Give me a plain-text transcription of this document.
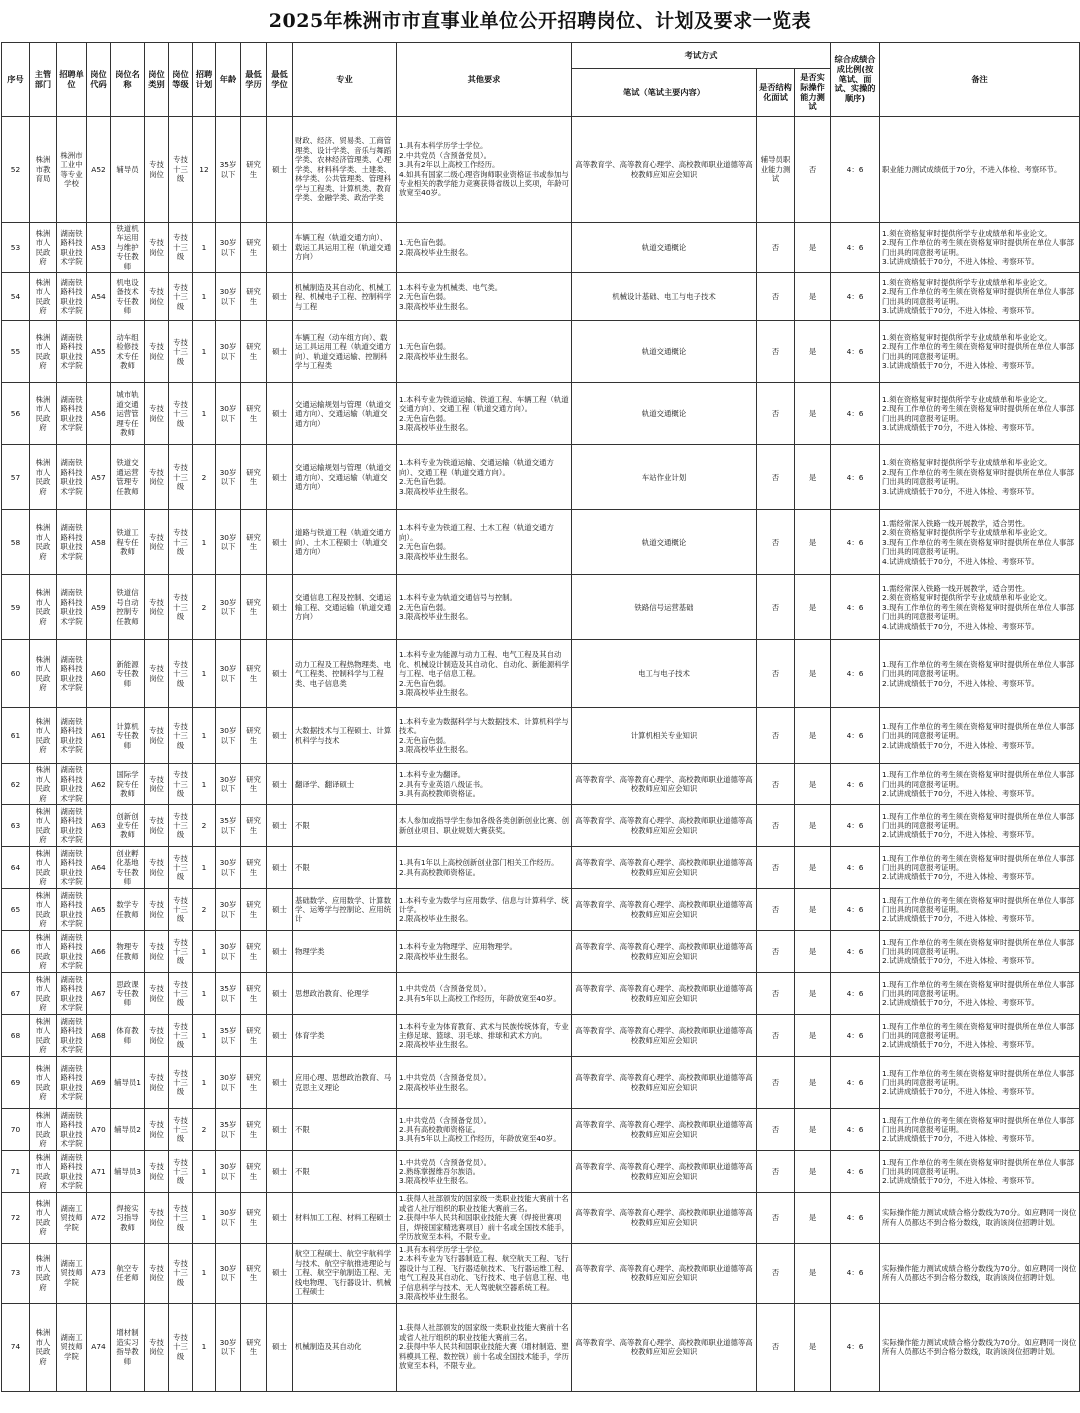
2025年株洲市市直事业单位公开招聘岗位、计划及要求一览表
序号	主管部门	招聘单位	岗位代码	岗位名称	岗位类别	岗位等级	招聘计划	年龄	最低学历	最低学位	专业	其他要求	考试方式			综合成绩合成比例(按笔试、面试、实操的顺序)	备注
													笔试（笔试主要内容）	是否结构化面试	是否实际操作能力测试		
52	株洲市教育局	株洲市工业中等专业学校	A52	辅导员	专技岗位	专技十三级	12	35岁以下	研究生	硕士	财政、经济、贸易类、工商管理类、设计学类、音乐与舞蹈学类、农林经济管理类、心理学类、材料科学类、土建类、林学类、公共管理类、管理科学与工程类、计算机类、教育学类、金融学类、政治学类	1.具有本科学历学士学位。
2.中共党员（含预备党员）。
3.具有2年以上高校工作经历。
4.如具有国家二级心理咨询师职业资格证书或参加与专业相关的教学能力竞赛获得省级以上奖项，年龄可放宽至40岁。	高等教育学、高等教育心理学、高校教师职业道德等高校教师应知应会知识	辅导员职业能力测试	否	4：6	职业能力测试成绩低于70分，不进入体检、考察环节。
53	株洲市人民政府	湖南铁路科技职业技术学院	A53	铁道机车运用与维护专任教师	专技岗位	专技十三级	1	30岁以下	研究生	硕士	车辆工程（轨道交通方向）、载运工具运用工程（轨道交通方向）	1.无色盲色弱。
2.限高校毕业生报名。	轨道交通概论	否	是	4：6	1.须在资格复审时提供所学专业成绩单和毕业论文。
2.现有工作单位的考生须在资格复审时提供所在单位人事部门出具的同意报考证明。
3.试讲成绩低于70分，不进入体检、考察环节。
54	株洲市人民政府	湖南铁路科技职业技术学院	A54	机电设备技术专任教师	专技岗位	专技十三级	1	30岁以下	研究生	硕士	机械制造及其自动化、机械工程、机械电子工程、控制科学与工程	1.本科专业为机械类、电气类。
2.无色盲色弱。
3.限高校毕业生报名。	机械设计基础、电工与电子技术	否	是	4：6	1.须在资格复审时提供所学专业成绩单和毕业论文。
2.现有工作单位的考生须在资格复审时提供所在单位人事部门出具的同意报考证明。
3.试讲成绩低于70分，不进入体检、考察环节。
55	株洲市人民政府	湖南铁路科技职业技术学院	A55	动车组检修技术专任教师	专技岗位	专技十三级	1	30岁以下	研究生	硕士	车辆工程（动车组方向）、载运工具运用工程（轨道交通方向）、轨道交通运输、控制科学与工程类	1.无色盲色弱。
2.限高校毕业生报名。	轨道交通概论	否	是	4：6	1.须在资格复审时提供所学专业成绩单和毕业论文。
2.现有工作单位的考生须在资格复审时提供所在单位人事部门出具的同意报考证明。
3.试讲成绩低于70分，不进入体检、考察环节。
56	株洲市人民政府	湖南铁路科技职业技术学院	A56	城市轨道交通运营管理专任教师	专技岗位	专技十三级	1	30岁以下	研究生	硕士	交通运输规划与管理（轨道交通方向）、交通运输（轨道交通方向）	1.本科专业为铁道运输、铁道工程、车辆工程（轨道交通方向）、交通工程（轨道交通方向）。
2.无色盲色弱。
3.限高校毕业生报名。	轨道交通概论	否	是	4：6	1.须在资格复审时提供所学专业成绩单和毕业论文。
2.现有工作单位的考生须在资格复审时提供所在单位人事部门出具的同意报考证明。
3.试讲成绩低于70分，不进入体检、考察环节。
57	株洲市人民政府	湖南铁路科技职业技术学院	A57	铁道交通运营管理专任教师	专技岗位	专技十三级	2	30岁以下	研究生	硕士	交通运输规划与管理（轨道交通方向）、交通运输（轨道交通方向）	1.本科专业为铁道运输、交通运输（轨道交通方向）、交通工程（轨道交通方向）。
2.无色盲色弱。
3.限高校毕业生报名。	车站作业计划	否	是	4：6	1.须在资格复审时提供所学专业成绩单和毕业论文。
2.现有工作单位的考生须在资格复审时提供所在单位人事部门出具的同意报考证明。
3.试讲成绩低于70分，不进入体检、考察环节。
58	株洲市人民政府	湖南铁路科技职业技术学院	A58	铁道工程专任教师	专技岗位	专技十三级	1	30岁以下	研究生	硕士	道路与铁道工程（轨道交通方向）、土木工程硕士（轨道交通方向）	1.本科专业为铁道工程、土木工程（轨道交通方向）。
2.无色盲色弱。
3.限高校毕业生报名。	轨道交通概论	否	是	4：6	1.需经常深入铁路一线开展教学，适合男性。
2.须在资格复审时提供所学专业成绩单和毕业论文。
3.现有工作单位的考生须在资格复审时提供所在单位人事部门出具的同意报考证明。
4.试讲成绩低于70分，不进入体检、考察环节。
59	株洲市人民政府	湖南铁路科技职业技术学院	A59	铁道信号自动控制专任教师	专技岗位	专技十三级	2	30岁以下	研究生	硕士	交通信息工程及控制、交通运输工程、交通运输（轨道交通方向）	1.本科专业为轨道交通信号与控制。
2.无色盲色弱。
3.限高校毕业生报名。	铁路信号运营基础	否	是	4：6	1.需经常深入铁路一线开展教学，适合男性。
2.须在资格复审时提供所学专业成绩单和毕业论文。
3.现有工作单位的考生须在资格复审时提供所在单位人事部门出具的同意报考证明。
4.试讲成绩低于70分，不进入体检、考察环节。
60	株洲市人民政府	湖南铁路科技职业技术学院	A60	新能源专任教师	专技岗位	专技十三级	1	30岁以下	研究生	硕士	动力工程及工程热物理类、电气工程类、控制科学与工程类、电子信息类	1.本科专业为能源与动力工程、电气工程及其自动化、机械设计制造及其自动化、自动化、新能源科学与工程、电子信息工程。
2.无色盲色弱。
3.限高校毕业生报名。	电工与电子技术	否	是	4：6	1.现有工作单位的考生须在资格复审时提供所在单位人事部门出具的同意报考证明。
2.试讲成绩低于70分，不进入体检、考察环节。
61	株洲市人民政府	湖南铁路科技职业技术学院	A61	计算机专任教师	专技岗位	专技十三级	1	30岁以下	研究生	硕士	大数据技术与工程硕士、计算机科学与技术	1.本科专业为数据科学与大数据技术、计算机科学与技术。
2.无色盲色弱。
3.限高校毕业生报名。	计算机相关专业知识	否	是	4：6	1.现有工作单位的考生须在资格复审时提供所在单位人事部门出具的同意报考证明。
2.试讲成绩低于70分，不进入体检、考察环节。
62	株洲市人民政府	湖南铁路科技职业技术学院	A62	国际学院专任教师	专技岗位	专技十三级	1	30岁以下	研究生	硕士	翻译学、翻译硕士	1.本科专业为翻译。
2.具有专业英语八级证书。
3.具有高校教师资格证。	高等教育学、高等教育心理学、高校教师职业道德等高校教师应知应会知识	否	是	4：6	1.现有工作单位的考生须在资格复审时提供所在单位人事部门出具的同意报考证明。
2.试讲成绩低于70分，不进入体检、考察环节。
63	株洲市人民政府	湖南铁路科技职业技术学院	A63	创新创业专任教师	专技岗位	专技十三级	2	35岁以下	研究生	硕士	不限	本人参加或指导学生参加各级各类创新创业比赛、创新创业项目、职业规划大赛获奖。	高等教育学、高等教育心理学、高校教师职业道德等高校教师应知应会知识	否	是	4：6	1.现有工作单位的考生须在资格复审时提供所在单位人事部门出具的同意报考证明。
2.试讲成绩低于70分，不进入体检、考察环节。
64	株洲市人民政府	湖南铁路科技职业技术学院	A64	创业孵化基地专任教师	专技岗位	专技十三级	1	30岁以下	研究生	硕士	不限	1.具有1年以上高校创新创业部门相关工作经历。
2.具有高校教师资格证。	高等教育学、高等教育心理学、高校教师职业道德等高校教师应知应会知识	否	是	4：6	1.现有工作单位的考生须在资格复审时提供所在单位人事部门出具的同意报考证明。
2.试讲成绩低于70分，不进入体检、考察环节。
65	株洲市人民政府	湖南铁路科技职业技术学院	A65	数学专任教师	专技岗位	专技十三级	2	30岁以下	研究生	硕士	基础数学、应用数学、计算数学、运筹学与控制论、应用统计	1.本科专业为数学与应用数学、信息与计算科学、统计学。
2.限高校毕业生报名。	高等教育学、高等教育心理学、高校教师职业道德等高校教师应知应会知识	否	是	4：6	1.现有工作单位的考生须在资格复审时提供所在单位人事部门出具的同意报考证明。
2.试讲成绩低于70分，不进入体检、考察环节。
66	株洲市人民政府	湖南铁路科技职业技术学院	A66	物理专任教师	专技岗位	专技十三级	1	30岁以下	研究生	硕士	物理学类	1.本科专业为物理学、应用物理学。
2.限高校毕业生报名。	高等教育学、高等教育心理学、高校教师职业道德等高校教师应知应会知识	否	是	4：6	1.现有工作单位的考生须在资格复审时提供所在单位人事部门出具的同意报考证明。
2.试讲成绩低于70分，不进入体检、考察环节。
67	株洲市人民政府	湖南铁路科技职业技术学院	A67	思政课专任教师	专技岗位	专技十三级	1	35岁以下	研究生	硕士	思想政治教育、伦理学	1.中共党员（含预备党员）。
2.具有5年以上高校工作经历，年龄放宽至40岁。	高等教育学、高等教育心理学、高校教师职业道德等高校教师应知应会知识	否	是	4：6	1.现有工作单位的考生须在资格复审时提供所在单位人事部门出具的同意报考证明。
2.试讲成绩低于70分，不进入体检、考察环节。
68	株洲市人民政府	湖南铁路科技职业技术学院	A68	体育教师	专技岗位	专技十三级	1	35岁以下	研究生	硕士	体育学类	1.本科专业为体育教育、武术与民族传统体育，专业主修足球、篮球、羽毛球、排球和武术方向。
2.限高校毕业生报名。	高等教育学、高等教育心理学、高校教师职业道德等高校教师应知应会知识	否	是	4：6	1.现有工作单位的考生须在资格复审时提供所在单位人事部门出具的同意报考证明。
2.试讲成绩低于70分，不进入体检、考察环节。
69	株洲市人民政府	湖南铁路科技职业技术学院	A69	辅导员1	专技岗位	专技十三级	1	30岁以下	研究生	硕士	应用心理、思想政治教育、马克思主义理论	1.中共党员（含预备党员）。
2.限高校毕业生报名。	高等教育学、高等教育心理学、高校教师职业道德等高校教师应知应会知识	否	是	4：6	1.现有工作单位的考生须在资格复审时提供所在单位人事部门出具的同意报考证明。
2.试讲成绩低于70分，不进入体检、考察环节。
70	株洲市人民政府	湖南铁路科技职业技术学院	A70	辅导员2	专技岗位	专技十三级	2	35岁以下	研究生	硕士	不限	1.中共党员（含预备党员）。
2.具有高校教师资格证。
3.具有5年以上高校工作经历，年龄放宽至40岁。	高等教育学、高等教育心理学、高校教师职业道德等高校教师应知应会知识	否	是	4：6	1.现有工作单位的考生须在资格复审时提供所在单位人事部门出具的同意报考证明。
2.试讲成绩低于70分，不进入体检、考察环节。
71	株洲市人民政府	湖南铁路科技职业技术学院	A71	辅导员3	专技岗位	专技十三级	1	30岁以下	研究生	硕士	不限	1.中共党员（含预备党员）。
2.熟练掌握维吾尔族语。
3.限高校毕业生报名。	高等教育学、高等教育心理学、高校教师职业道德等高校教师应知应会知识	否	是	4：6	1.现有工作单位的考生须在资格复审时提供所在单位人事部门出具的同意报考证明。
2.试讲成绩低于70分，不进入体检、考察环节。
72	株洲市人民政府	湖南工贸技师学院	A72	焊接实习指导教师	专技岗位	专技十三级	1	30岁以下	研究生	硕士	材料加工工程、材料工程硕士	1.获得人社部颁发的国家级一类职业技能大赛前十名或省人社厅组织的职业技能大赛前三名。
2.获得中华人民共和国职业技能大赛（焊接世赛项目，焊接国家精选赛项目）前十名或全国技术能手，学历放宽至本科，不限专业。	高等教育学、高等教育心理学、高校教师职业道德等高校教师应知应会知识	否	是	4：6	实际操作能力测试成绩合格分数线为70分。如应聘同一岗位所有人员都达不到合格分数线，取消该岗位招聘计划。
73	株洲市人民政府	湖南工贸技师学院	A73	航空专任老师	专技岗位	专技十三级	1	30岁以下	研究生	硕士	航空工程硕士、航空宇航科学与技术、航空宇航推进理论与工程、航空宇航制造工程、无线电物理、飞行器设计、机械工程硕士	1.具有本科学历学士学位。
2.本科专业为飞行器制造工程、航空航天工程、飞行器设计与工程、飞行器适航技术、飞行器运维工程、电气工程及其自动化、飞行技术、电子信息工程、电子信息科学与技术、无人驾驶航空器系统工程。
3.限高校毕业生报名。	高等教育学、高等教育心理学、高校教师职业道德等高校教师应知应会知识	否	是	4：6	实际操作能力测试成绩合格分数线为70分。如应聘同一岗位所有人员都达不到合格分数线，取消该岗位招聘计划。
74	株洲市人民政府	湖南工贸技师学院	A74	增材制造实习指导教师	专技岗位	专技十三级	1	30岁以下	研究生	硕士	机械制造及其自动化	1.获得人社部颁发的国家级一类职业技能大赛前十名或省人社厅组织的职业技能大赛前三名。
2.获得中华人民共和国职业技能大赛（增材制造、塑料模具工程、数控铣）前十名或全国技术能手，学历放宽至本科，不限专业。	高等教育学、高等教育心理学、高校教师职业道德等高校教师应知应会知识	否	是	4：6	实际操作能力测试成绩合格分数线为70分。如应聘同一岗位所有人员都达不到合格分数线，取消该岗位招聘计划。
